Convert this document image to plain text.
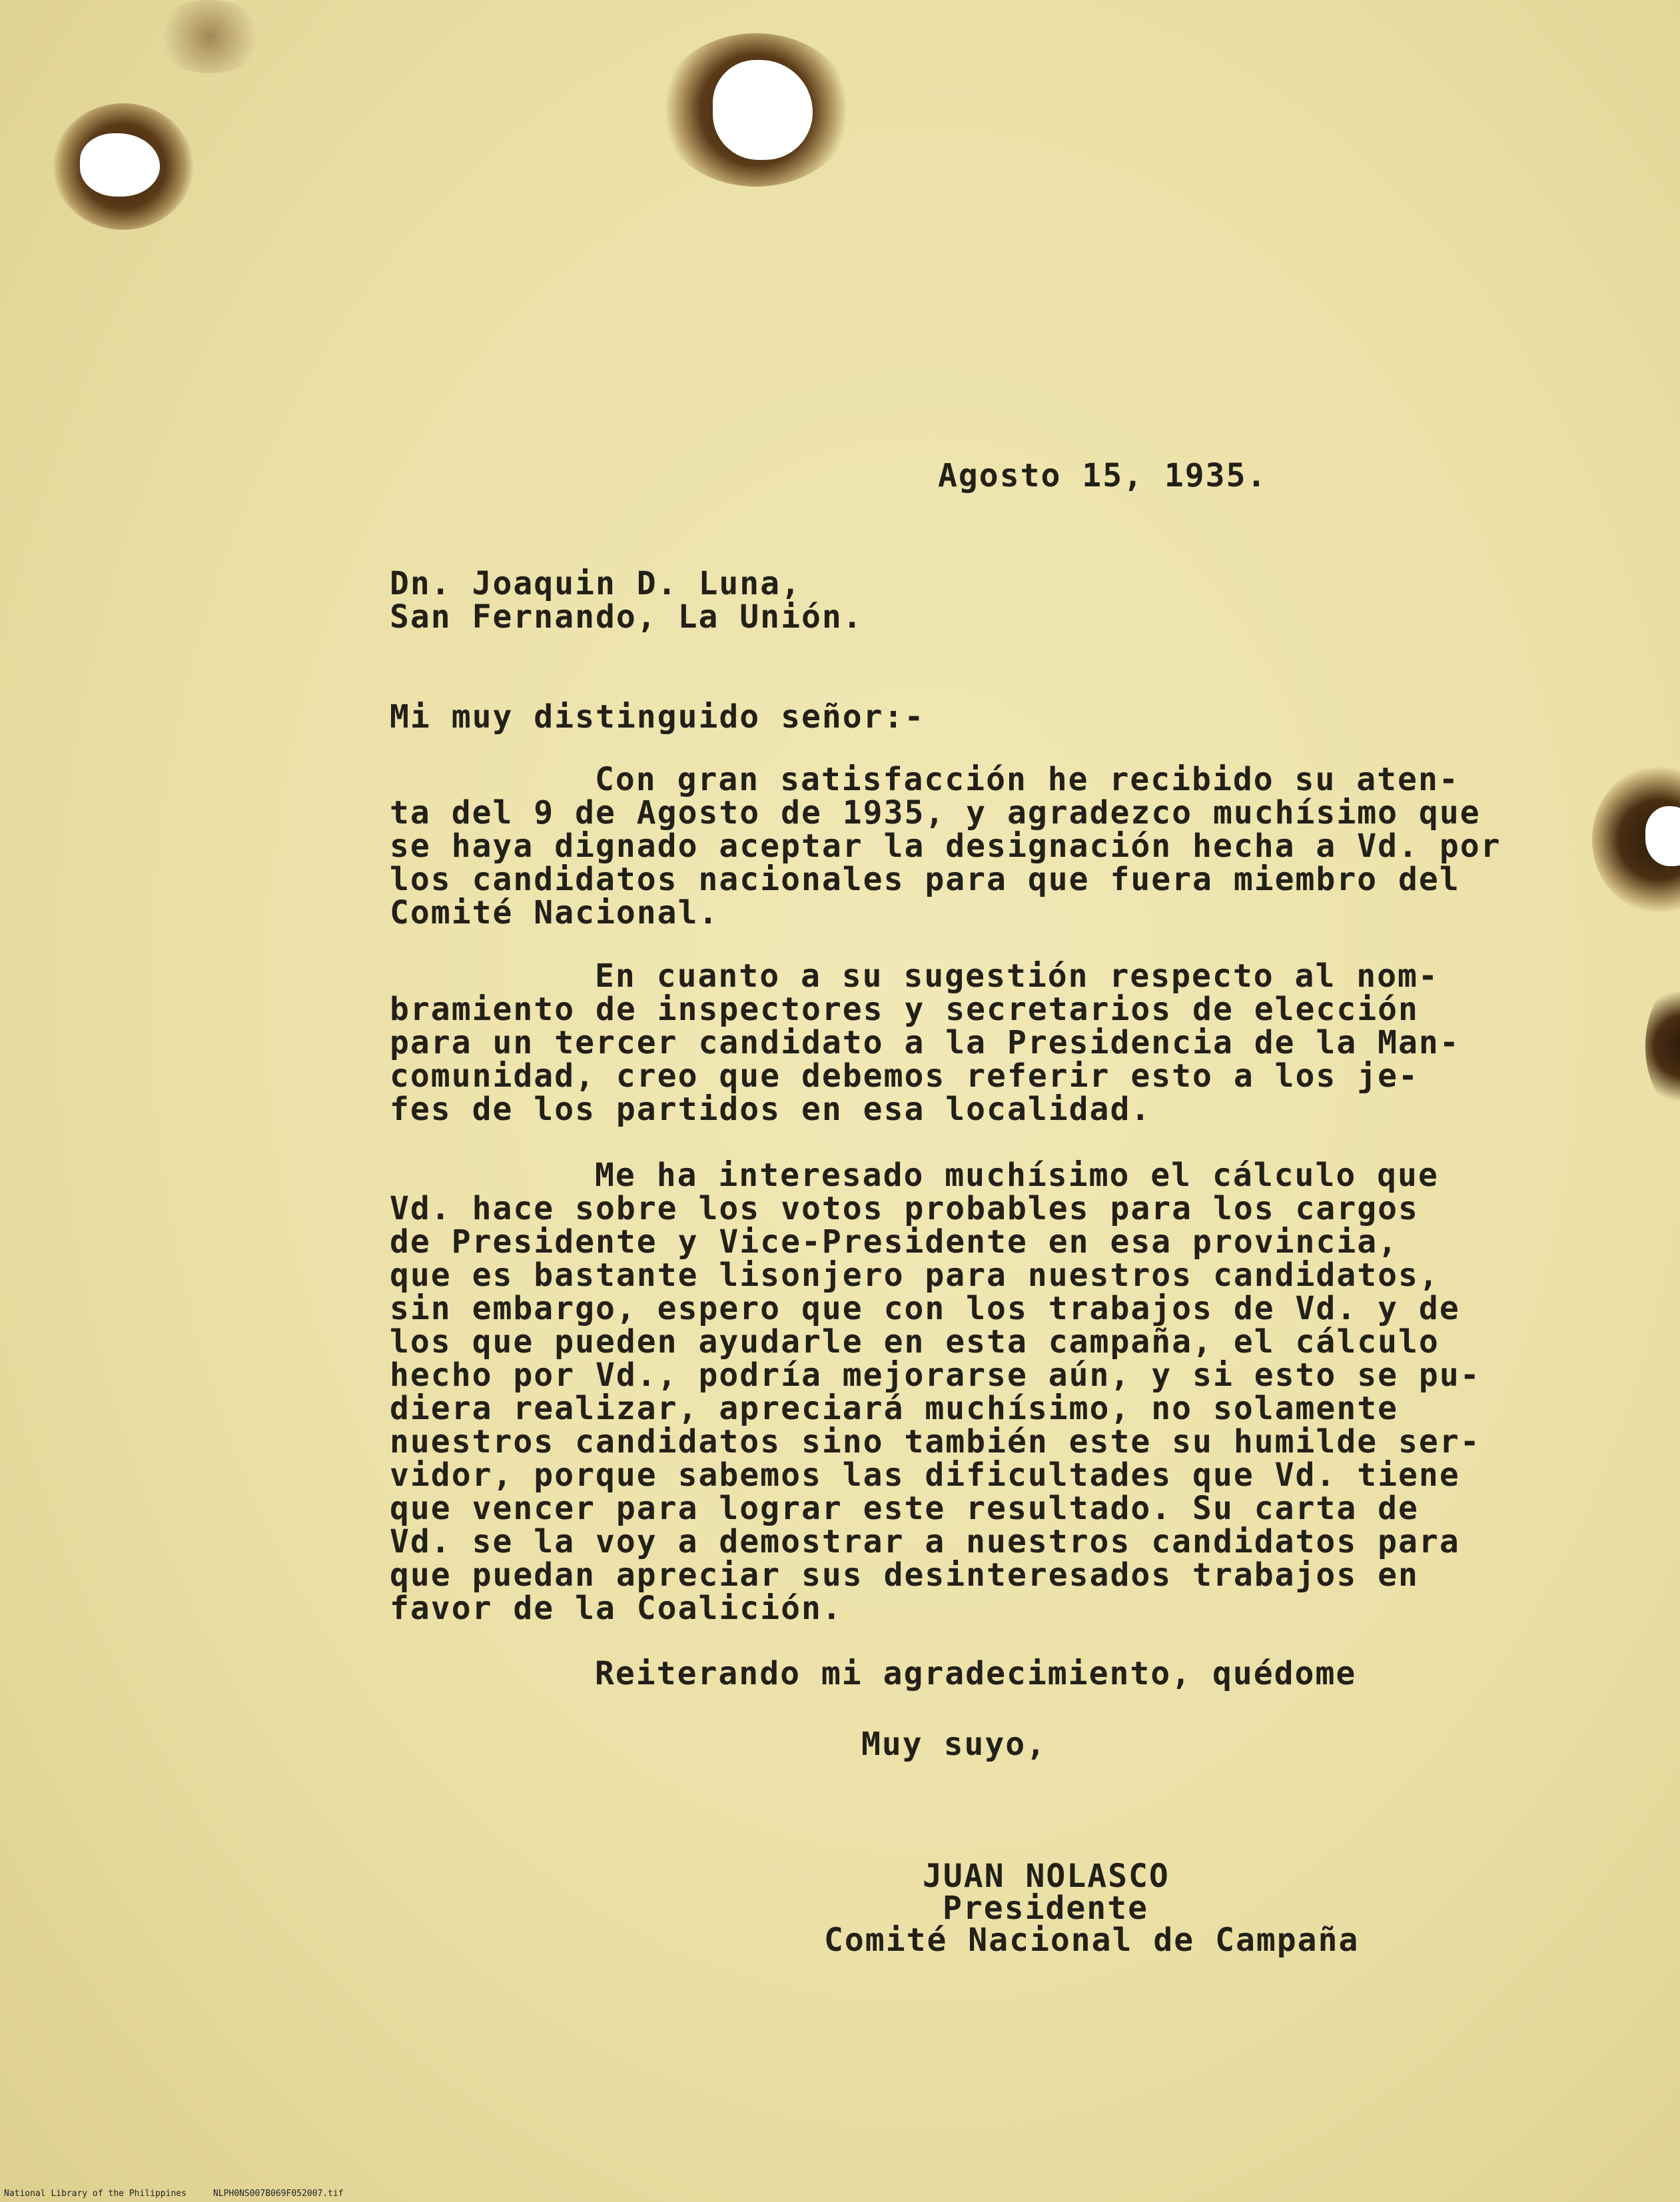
Agosto 15, 1935.
Dn. Joaquin D. Luna,
San Fernando, La Unión.
Mi muy distinguido señor:-
Con gran satisfacción he recibido su aten-
ta del 9 de Agosto de 1935, y agradezco muchísimo que
se haya dignado aceptar la designación hecha a Vd. por
los candidatos nacionales para que fuera miembro del
Comité Nacional.
En cuanto a su sugestión respecto al nom-
bramiento de inspectores y secretarios de elección
para un tercer candidato a la Presidencia de la Man-
comunidad, creo que debemos referir esto a los je-
fes de los partidos en esa localidad.
Me ha interesado muchísimo el cálculo que
Vd. hace sobre los votos probables para los cargos
de Presidente y Vice-Presidente en esa provincia,
que es bastante lisonjero para nuestros candidatos,
sin embargo, espero que con los trabajos de Vd. y de
los que pueden ayudarle en esta campaña, el cálculo
hecho por Vd., podría mejorarse aún, y si esto se pu-
diera realizar, apreciará muchísimo, no solamente
nuestros candidatos sino también este su humilde ser-
vidor, porque sabemos las dificultades que Vd. tiene
que vencer para lograr este resultado. Su carta de
Vd. se la voy a demostrar a nuestros candidatos para
que puedan apreciar sus desinteresados trabajos en
favor de la Coalición.
Reiterando mi agradecimiento, quédome
Muy suyo,
JUAN NOLASCO
Presidente
Comité Nacional de Campaña
National Library of the Philippines	NLPH0NS007B069F052007.tif
